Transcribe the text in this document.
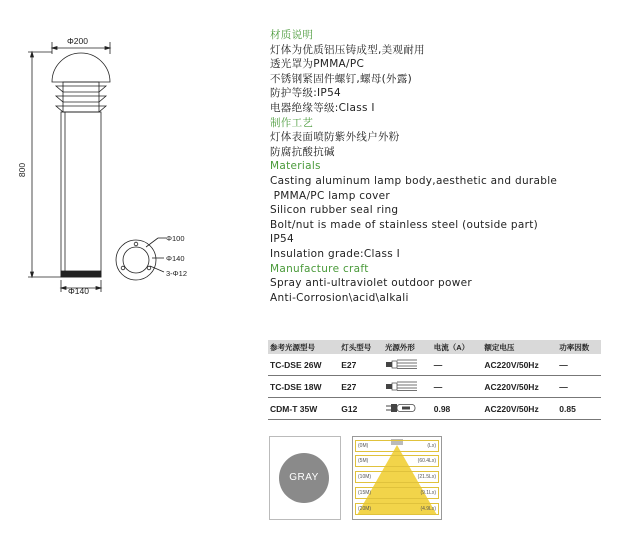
Φ200
800
Φ140
Φ100
Φ140
3-Φ12
材质说明
灯体为优质铝压铸成型,美观耐用
透光罩为PMMA/PC
不锈钢紧固件螺钉,螺母(外露)
防护等级:IP54
电器绝缘等级:Class I
制作工艺
灯体表面喷防紫外线户外粉
防腐抗酸抗碱
Materials
Casting aluminum lamp body,aesthetic and durable
PMMA/PC lamp cover
Silicon rubber seal ring
Bolt/nut is made of stainless steel (outside part)
IP54
Insulation grade:Class I
Manufacture craft
Spray anti-ultraviolet outdoor power
Anti-Corrosion\acid\alkali
参考光源型号	灯头型号	光源外形	电流（A）	额定电压	功率因数
TC-DSE 26W	E27		—	AC220V/50Hz	—
TC-DSE 18W	E27		—	AC220V/50Hz	—
CDM-T 35W	G12		0.98	AC220V/50Hz	0.85
GRAY
(0M)	(Lx)
(5M)	(60.4Lx)
(10M)	(21.5Lx)
(15M)	(9.1Lx)
(20M)	(4.9Lx)
